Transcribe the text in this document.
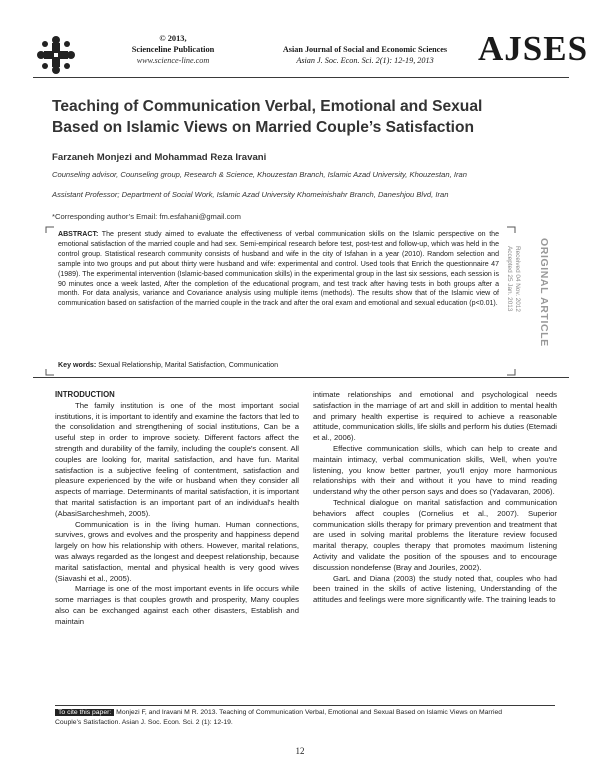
© 2013,
Scienceline Publication
www.science-line.com
Asian Journal of Social and Economic Sciences
Asian J. Soc. Econ. Sci. 2(1): 12-19, 2013	AJSES
Teaching of Communication Verbal, Emotional and Sexual
Based on Islamic Views on Married Couple’s Satisfaction
Farzaneh Monjezi and Mohammad Reza Iravani
Counseling advisor, Counseling group, Research & Science, Khouzestan Branch, Islamic Azad University, Khouzestan, Iran
Assistant Professor; Department of Social Work, Islamic Azad University Khomeinishahr Branch, Daneshjou Blvd, Iran
*Corresponding author’s Email: fm.esfahani@gmail.com
ABSTRACT: The present study aimed to evaluate the effectiveness of verbal communication skills on the Islamic perspective on the emotional satisfaction of the married couple and had sex. Semi-empirical research before test, post-test and follow-up, which was held in the control group. Statistical research community consists of husband and wife in the city of Isfahan in a year (2010). Random selection and sample into two groups and put about thirty were husband and wife: experimental and control. Used tools that Enrich the questionnaire 47 (1989). The experimental intervention (Islamic-based communication skills) in the experimental group in the last six sessions, each session is 90 minutes once a week lasted, After the completion of the educational program, and test track after having tests in both groups after a month. For data analysis, variance and Covariance analysis using multiple items (methods). The results show that of the Islamic view of communication based on satisfaction of the married couple in the track and after the oral exam and emotional and sexual education (p<0.01).
Key words: Sexual Relationship, Marital Satisfaction, Communication
ORIGINAL ARTICLE
Received 04 Nov. 2012
Accepted 25 Jan. 2013
INTRODUCTION

The family institution is one of the most important social institutions, it is important to identify and examine the factors that led to the consolidation and strengthening of social institutions, Can be a useful step in order to improve society. Different factors affect the strength and durability of the family, including the couple's consent. All couples are looking for, marital satisfaction, and have fun. Marital satisfaction is a subjective feeling of contentment, satisfaction and pleasure experienced by the wife or husband when they consider all aspects of marriage. Determinants of marital satisfaction, it is important that marital satisfaction is an important part of an individual's health (AbasiSarcheshmeh, 2005).

Communication is in the living human. Human connections, survives, grows and evolves and the prosperity and happiness depend largely on how his relationship with others. However, marital relations, was always regarded as the longest and deepest relationship, because marital satisfaction, mental and physical health is very good wives (Siavashi et al., 2005).

Marriage is one of the most important events in life occurs while some marriages is that couples growth and prosperity, Many couples also can be exchanged against each other disasters, Establish and maintain

intimate relationships and emotional and psychological needs satisfaction in the marriage of art and skill in addition to mental health and primary health expertise is required to achieve a reasonable attitude, communication skills, life skills and perform his duties (Etemadi et al., 2006).

Effective communication skills, which can help to create and maintain intimacy, verbal communication skills, Well, when you're listening, you know better partner, you'll enjoy more harmonious relationships with their and without it you have to mind reading understand why the other person says and does so (Yadavaran, 2006).

Technical dialogue on marital satisfaction and communication behaviors affect couples (Cornelius et al., 2007). Superior communication skills therapy for primary prevention and treatment that are used in solving marital problems the literature review focused marital therapy, couples therapy that promotes maximum listening Activity and validate the position of the spouses and to encourage discussion nondefense (Bray and Jouriles, 2002).

GarL and Diana (2003) the study noted that, couples who had been trained in the skills of active listening, Understanding of the attitudes and feelings were more significantly wife. The training leads to

To cite this paper: Monjezi F, and Iravani M R. 2013. Teaching of Communication Verbal, Emotional and Sexual Based on Islamic Views on Married
Couple’s Satisfaction. Asian J. Soc. Econ. Sci. 2 (1): 12-19.
12
